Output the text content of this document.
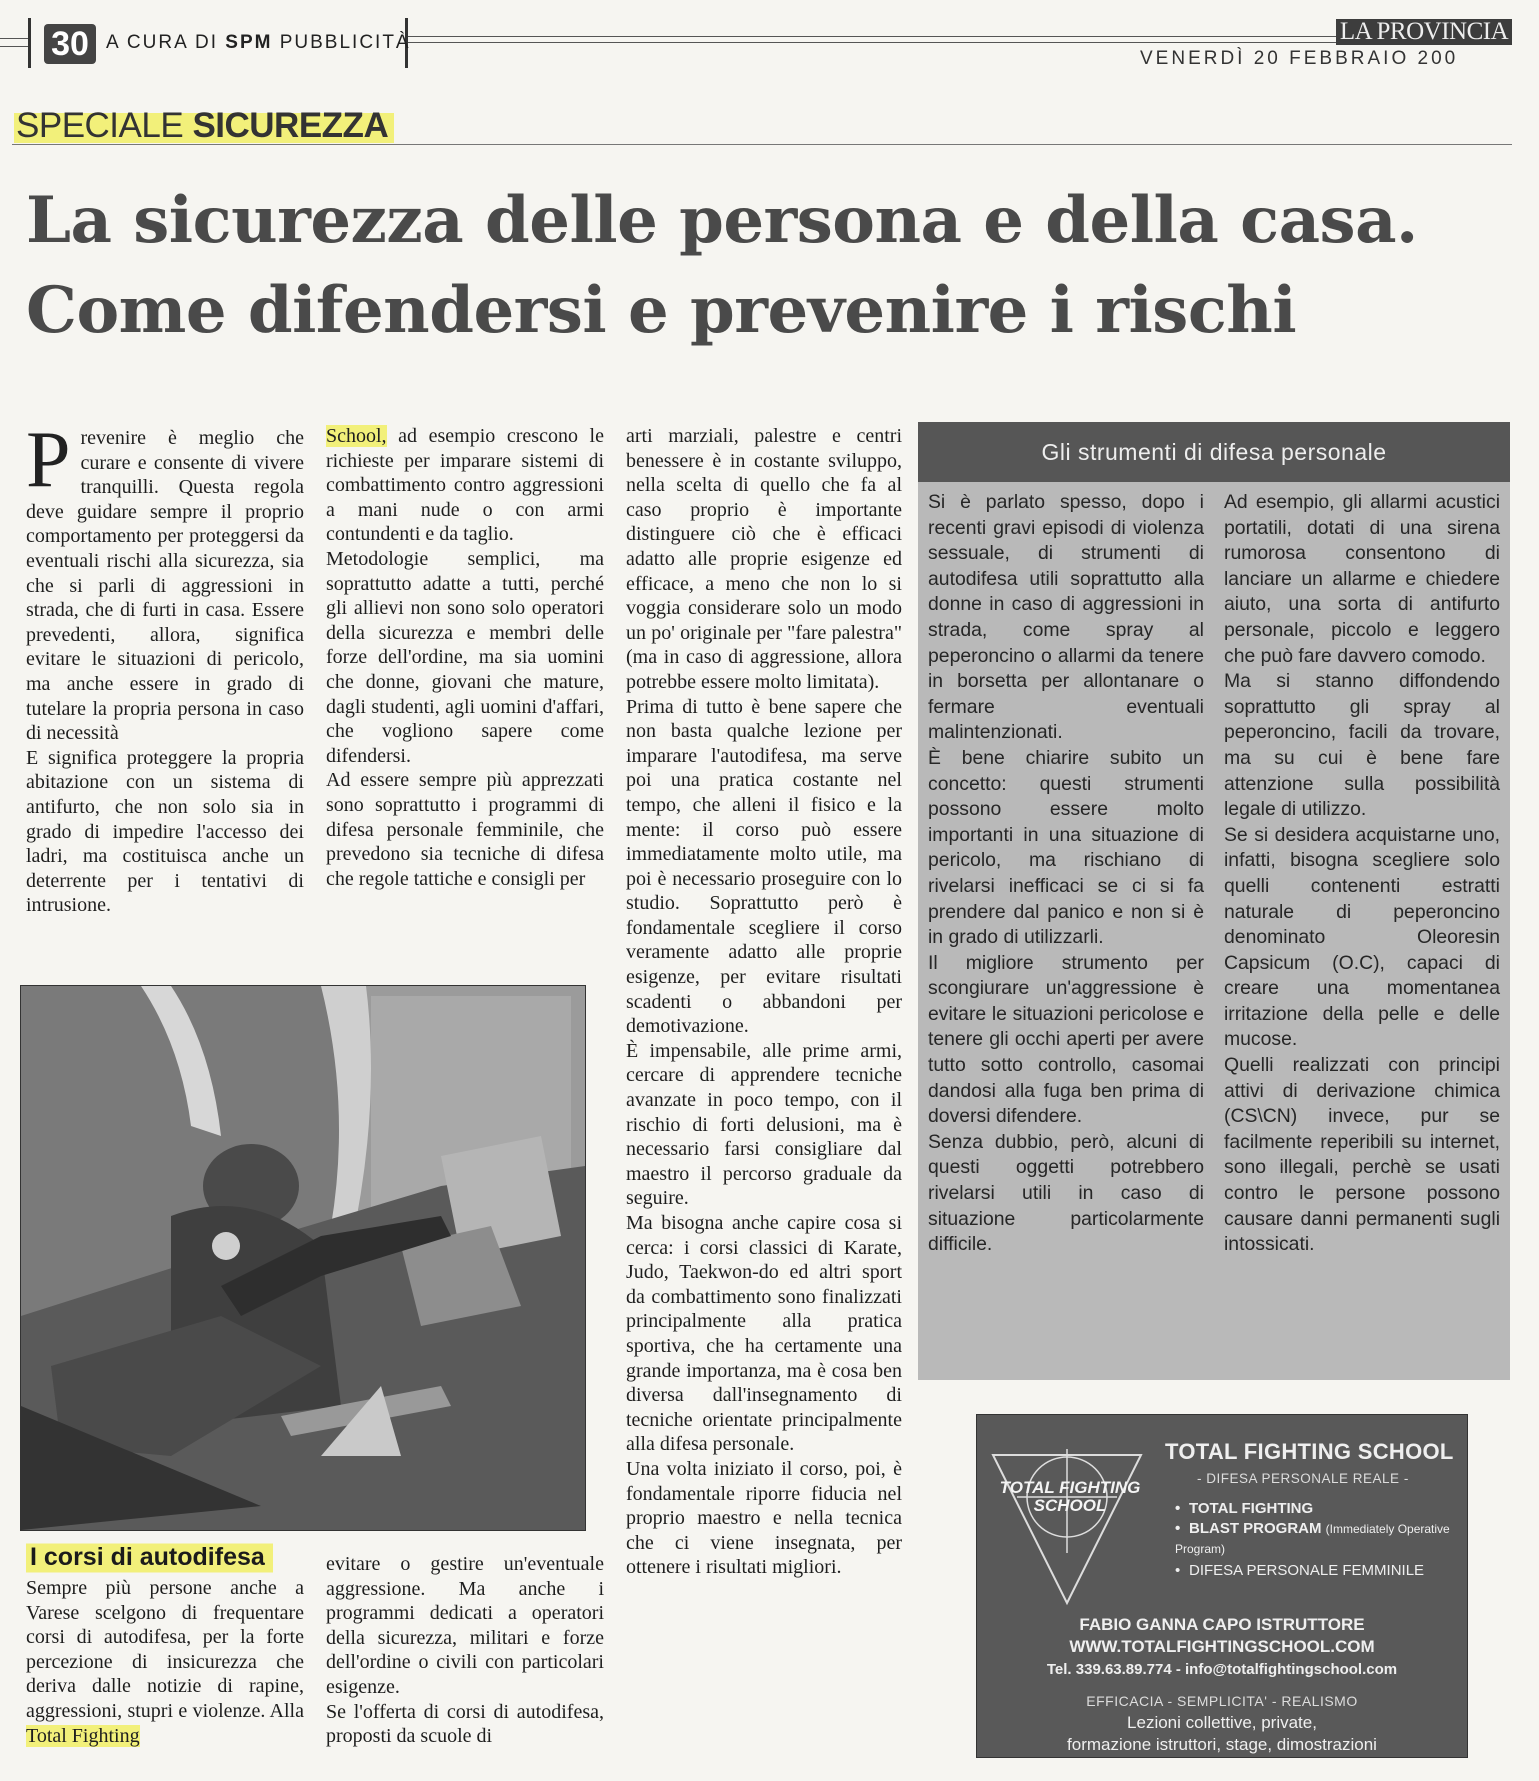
30 A CURA DI SPM PUBBLICITÀ	LA PROVINCIA
VENERDÌ 20 FEBBRAIO 200
SPECIALE SICUREZZA
La sicurezza delle persona e della casa.
Come difendersi e prevenire i rischi
P revenire è meglio che curare e consente di vivere tranquilli. Questa regola deve guidare sempre il proprio comportamento per proteggersi da eventuali rischi alla sicurezza, sia che si parli di aggressioni in strada, che di furti in casa. Essere prevedenti, allora, significa evitare le situazioni di pericolo, ma anche essere in grado di tutelare la propria persona in caso di necessità

E significa proteggere la propria abitazione con un sistema di antifurto, che non solo sia in grado di impedire l'accesso dei ladri, ma costituisca anche un deterrente per i tentativi di intrusione.

School, ad esempio crescono le richieste per imparare sistemi di combattimento contro aggressioni a mani nude o con armi contundenti e da taglio.

Metodologie semplici, ma soprattutto adatte a tutti, perché gli allievi non sono solo operatori della sicurezza e membri delle forze dell'ordine, ma sia uomini che donne, giovani che mature, dagli studenti, agli uomini d'affari, che vogliono sapere come difendersi.

Ad essere sempre più apprezzati sono soprattutto i programmi di difesa personale femminile, che prevedono sia tecniche di difesa che regole tattiche e consigli per

arti marziali, palestre e centri benessere è in costante sviluppo, nella scelta di quello che fa al caso proprio è importante distinguere ciò che è efficaci adatto alle proprie esigenze ed efficace, a meno che non lo si voggia considerare solo un modo un po' originale per "fare palestra" (ma in caso di aggressione, allora potrebbe essere molto limitata).

Prima di tutto è bene sapere che non basta qualche lezione per imparare l'autodifesa, ma serve poi una pratica costante nel tempo, che alleni il fisico e la mente: il corso può essere immediatamente molto utile, ma poi è necessario proseguire con lo studio. Soprattutto però è fondamentale scegliere il corso veramente adatto alle proprie esigenze, per evitare risultati scadenti o abbandoni per demotivazione.

È impensabile, alle prime armi, cercare di apprendere tecniche avanzate in poco tempo, con il rischio di forti delusioni, ma è necessario farsi consigliare dal maestro il percorso graduale da seguire.

Ma bisogna anche capire cosa si cerca: i corsi classici di Karate, Judo, Taekwon-do ed altri sport da combattimento sono finalizzati principalmente alla pratica sportiva, che ha certamente una grande importanza, ma è cosa ben diversa dall'insegnamento di tecniche orientate principalmente alla difesa personale.

Una volta iniziato il corso, poi, è fondamentale riporre fiducia nel proprio maestro e nella tecnica che ci viene insegnata, per ottenere i risultati migliori.

I corsi di autodifesa

Sempre più persone anche a Varese scelgono di frequentare corsi di autodifesa, per la forte percezione di insicurezza che deriva dalle notizie di rapine, aggressioni, stupri e violenze. Alla Total Fighting

evitare o gestire un'eventuale aggressione. Ma anche i programmi dedicati a operatori della sicurezza, militari e forze dell'ordine o civili con particolari esigenze.

Se l'offerta di corsi di autodifesa, proposti da scuole di

Gli strumenti di difesa personale

Si è parlato spesso, dopo i recenti gravi episodi di violenza sessuale, di strumenti di autodifesa utili soprattutto alla donne in caso di aggressioni in strada, come spray al peperoncino o allarmi da tenere in borsetta per allontanare o fermare eventuali malintenzionati.

È bene chiarire subito un concetto: questi strumenti possono essere molto importanti in una situazione di pericolo, ma rischiano di rivelarsi inefficaci se ci si fa prendere dal panico e non si è in grado di utilizzarli.

Il migliore strumento per scongiurare un'aggressione è evitare le situazioni pericolose e tenere gli occhi aperti per avere tutto sotto controllo, casomai dandosi alla fuga ben prima di doversi difendere.

Senza dubbio, però, alcuni di questi oggetti potrebbero rivelarsi utili in caso di situazione particolarmente difficile.

Ad esempio, gli allarmi acustici portatili, dotati di una sirena rumorosa consentono di lanciare un allarme e chiedere aiuto, una sorta di antifurto personale, piccolo e leggero che può fare davvero comodo.

Ma si stanno diffondendo soprattutto gli spray al peperoncino, facili da trovare, ma su cui è bene fare attenzione sulla possibilità legale di utilizzo.

Se si desidera acquistarne uno, infatti, bisogna scegliere solo quelli contenenti estratti naturale di peperoncino denominato Oleoresin Capsicum (O.C), capaci di creare una momentanea irritazione della pelle e delle mucose.

Quelli realizzati con principi attivi di derivazione chimica (CS\CN) invece, pur se facilmente reperibili su internet, sono illegali, perchè se usati contro le persone possono causare danni permanenti sugli intossicati.

TOTAL FIGHTING
SCHOOL
TOTAL FIGHTING SCHOOL
- DIFESA PERSONALE REALE -
• TOTAL FIGHTING
• BLAST PROGRAM (Immediately Operative Program)
• DIFESA PERSONALE FEMMINILE
FABIO GANNA CAPO ISTRUTTORE
WWW.TOTALFIGHTINGSCHOOL.COM
Tel. 339.63.89.774 - info@totalfightingschool.com
EFFICACIA - SEMPLICITA' - REALISMO
Lezioni collettive, private,
formazione istruttori, stage, dimostrazioni
